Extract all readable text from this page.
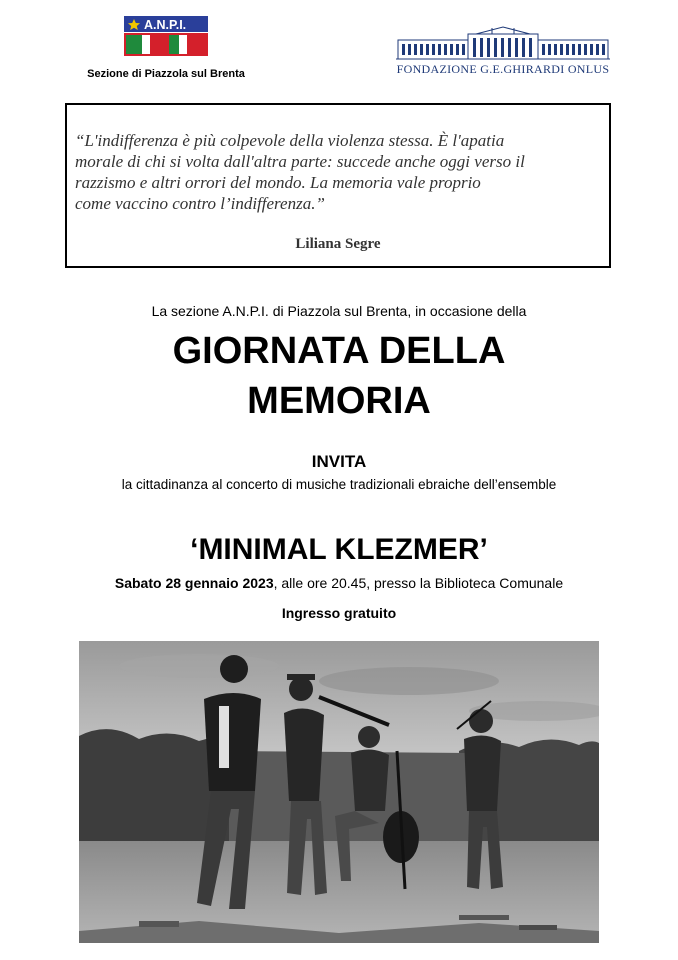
A.N.P.I.
Sezione di Piazzola sul Brenta	FONDAZIONE G.E.GHIRARDI ONLUS

“L'indifferenza è più colpevole della violenza stessa. È l'apatia
morale di chi si volta dall'altra parte: succede anche oggi verso il
razzismo e altri orrori del mondo. La memoria vale proprio
come vaccino contro l’indifferenza.”

Liliana Segre
La sezione A.N.P.I. di Piazzola sul Brenta, in occasione della
GIORNATA DELLA
MEMORIA
INVITA
la cittadinanza al concerto di musiche tradizionali ebraiche dell’ensemble
‘MINIMAL KLEZMER’
Sabato 28 gennaio 2023, alle ore 20.45, presso la Biblioteca Comunale
Ingresso gratuito
